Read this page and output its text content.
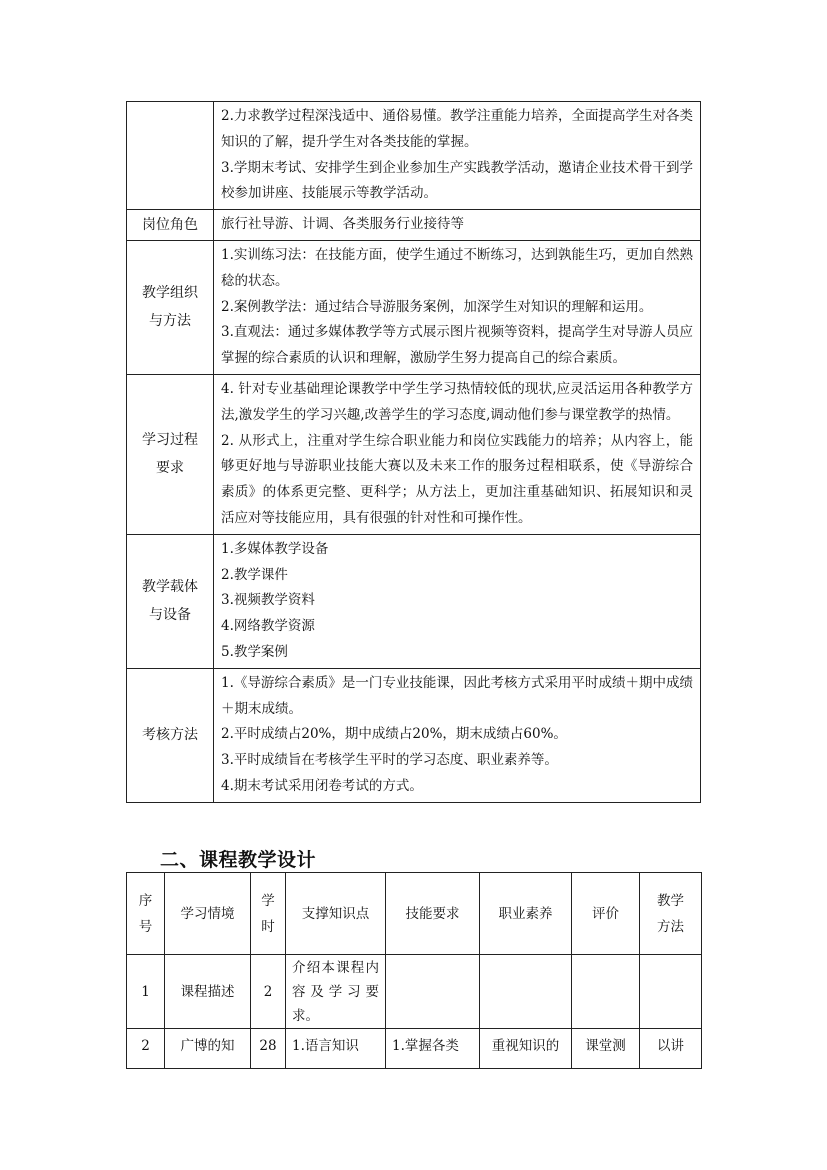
	2.力求教学过程深浅适中、通俗易懂。教学注重能力培养，全面提高学生对各类知识的了解，提升学生对各类技能的掌握。
3.学期末考试、安排学生到企业参加生产实践教学活动，邀请企业技术骨干到学校参加讲座、技能展示等教学活动。

岗位角色	旅行社导游、计调、各类服务行业接待等

教学组织与方法	1.实训练习法：在技能方面，使学生通过不断练习，达到孰能生巧，更加自然熟稔的状态。
2.案例教学法：通过结合导游服务案例，加深学生对知识的理解和运用。
3.直观法：通过多媒体教学等方式展示图片视频等资料，提高学生对导游人员应掌握的综合素质的认识和理解，激励学生努力提高自己的综合素质。

学习过程要求	4. 针对专业基础理论课教学中学生学习热情较低的现状,应灵活运用各种教学方法,激发学生的学习兴趣,改善学生的学习态度,调动他们参与课堂教学的热情。
2. 从形式上，注重对学生综合职业能力和岗位实践能力的培养；从内容上，能够更好地与导游职业技能大赛以及未来工作的服务过程相联系，使《导游综合素质》的体系更完整、更科学；从方法上，更加注重基础知识、拓展知识和灵活应对等技能应用，具有很强的针对性和可操作性。

教学载体与设备	1.多媒体教学设备
2.教学课件
3.视频教学资料
4.网络教学资源
5.教学案例

考核方法	1.《导游综合素质》是一门专业技能课，因此考核方式采用平时成绩＋期中成绩＋期末成绩。
2.平时成绩占20%，期中成绩占20%，期末成绩占60%。
3.平时成绩旨在考核学生平时的学习态度、职业素养等。
4.期末考试采用闭卷考试的方式。
二、课程教学设计
序号	学习情境	学时	支撑知识点	技能要求	职业素养	评价	教学方法
1	课程描述	2	介绍本课程内容及学习要求。				
2	广博的知	28	1.语言知识	1.掌握各类	重视知识的	课堂测	以讲
